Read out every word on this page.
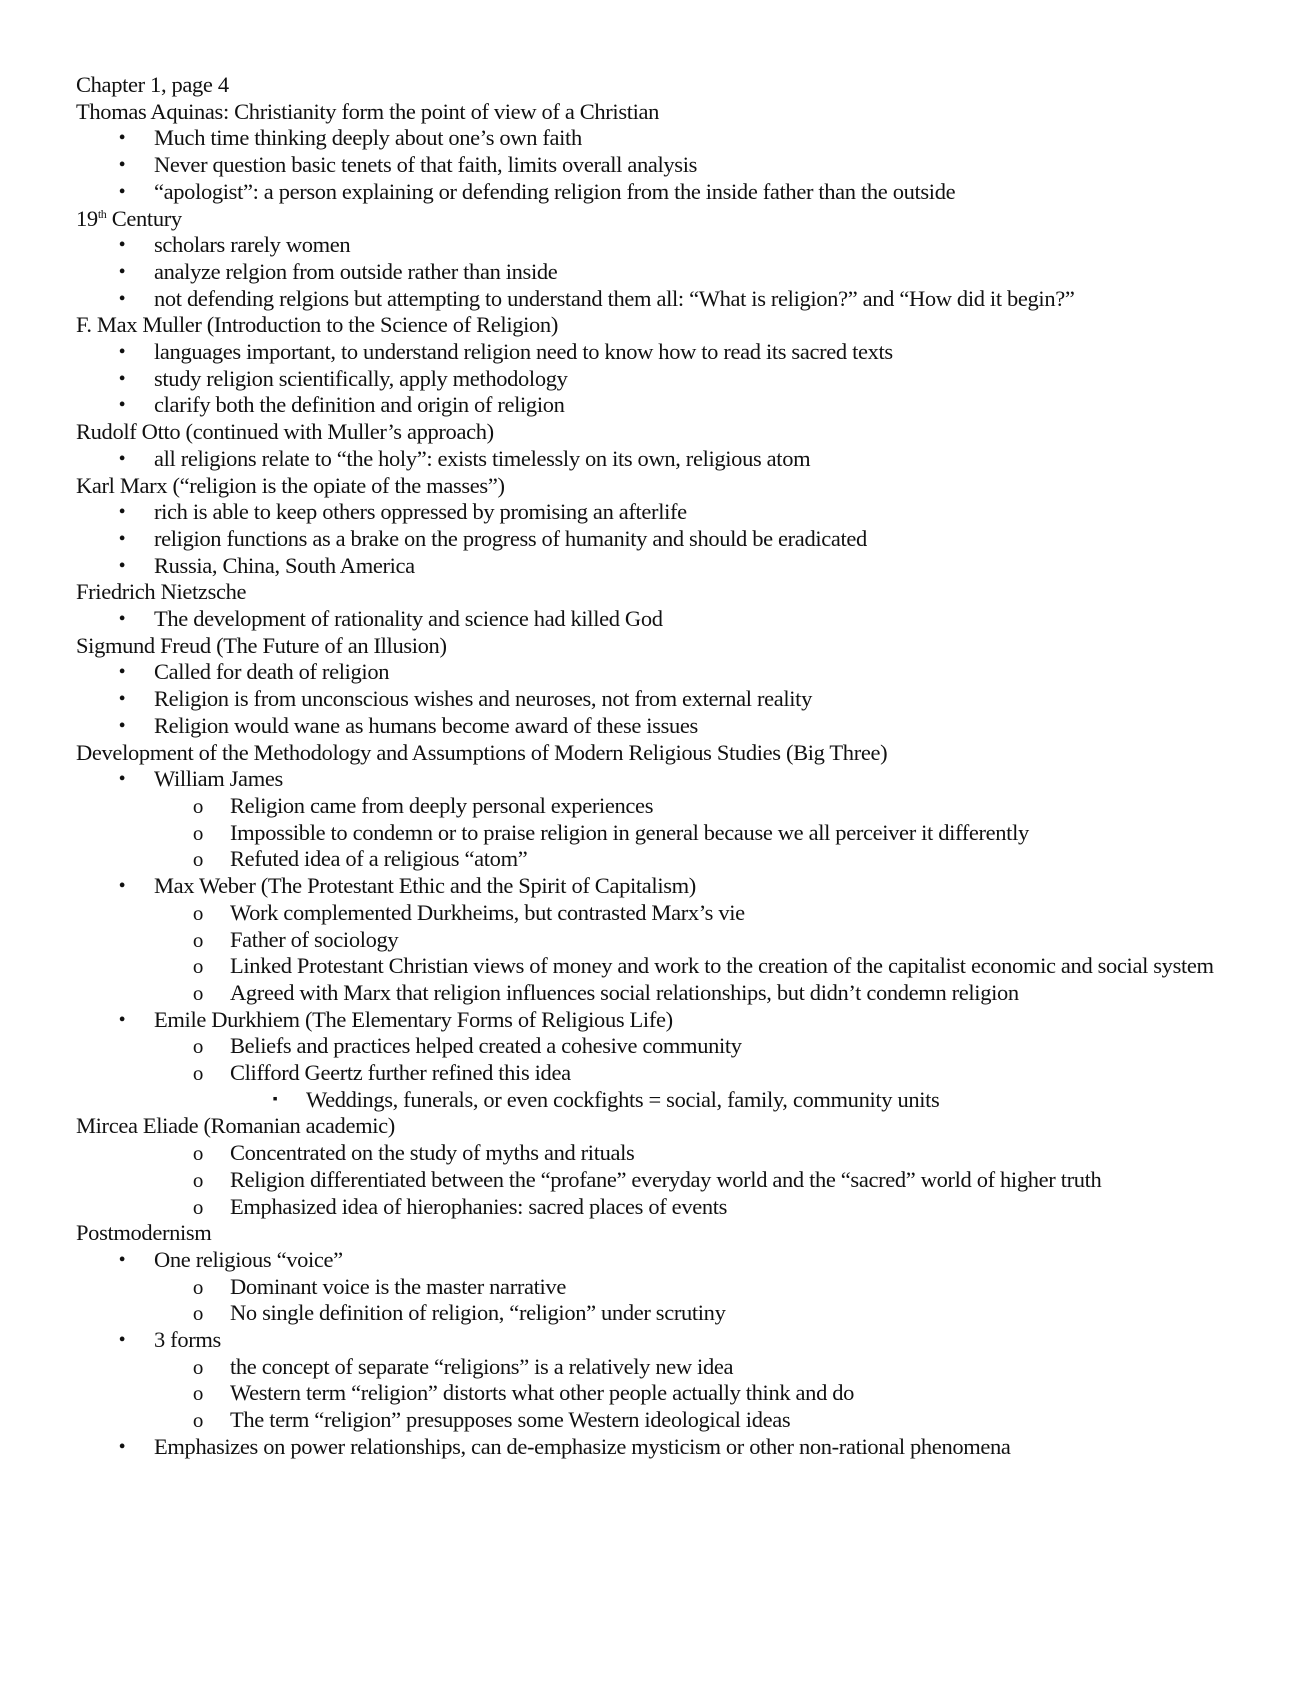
Chapter 1, page 4

Thomas Aquinas: Christianity form the point of view of a Christian

• Much time thinking deeply about one’s own faith

• Never question basic tenets of that faith, limits overall analysis

• “apologist”: a person explaining or defending religion from the inside father than the outside

19th Century

• scholars rarely women

• analyze relgion from outside rather than inside

• not defending relgions but attempting to understand them all: “What is religion?” and “How did it begin?”

F. Max Muller (Introduction to the Science of Religion)

• languages important, to understand religion need to know how to read its sacred texts

• study religion scientifically, apply methodology

• clarify both the definition and origin of religion

Rudolf Otto (continued with Muller’s approach)

• all religions relate to “the holy”: exists timelessly on its own, religious atom

Karl Marx (“religion is the opiate of the masses”)

• rich is able to keep others oppressed by promising an afterlife

• religion functions as a brake on the progress of humanity and should be eradicated

• Russia, China, South America

Friedrich Nietzsche

• The development of rationality and science had killed God

Sigmund Freud (The Future of an Illusion)

• Called for death of religion

• Religion is from unconscious wishes and neuroses, not from external reality

• Religion would wane as humans become award of these issues

Development of the Methodology and Assumptions of Modern Religious Studies (Big Three)

• William James

o Religion came from deeply personal experiences

o Impossible to condemn or to praise religion in general because we all perceiver it differently

o Refuted idea of a religious “atom”

• Max Weber (The Protestant Ethic and the Spirit of Capitalism)

o Work complemented Durkheims, but contrasted Marx’s vie

o Father of sociology

o Linked Protestant Christian views of money and work to the creation of the capitalist economic and social system

o Agreed with Marx that religion influences social relationships, but didn’t condemn religion

• Emile Durkhiem (The Elementary Forms of Religious Life)

o Beliefs and practices helped created a cohesive community

o Clifford Geertz further refined this idea

▪ Weddings, funerals, or even cockfights = social, family, community units

Mircea Eliade (Romanian academic)

o Concentrated on the study of myths and rituals

o Religion differentiated between the “profane” everyday world and the “sacred” world of higher truth

o Emphasized idea of hierophanies: sacred places of events

Postmodernism

• One religious “voice”

o Dominant voice is the master narrative

o No single definition of religion, “religion” under scrutiny

• 3 forms

o the concept of separate “religions” is a relatively new idea

o Western term “religion” distorts what other people actually think and do

o The term “religion” presupposes some Western ideological ideas

• Emphasizes on power relationships, can de-emphasize mysticism or other non-rational phenomena
